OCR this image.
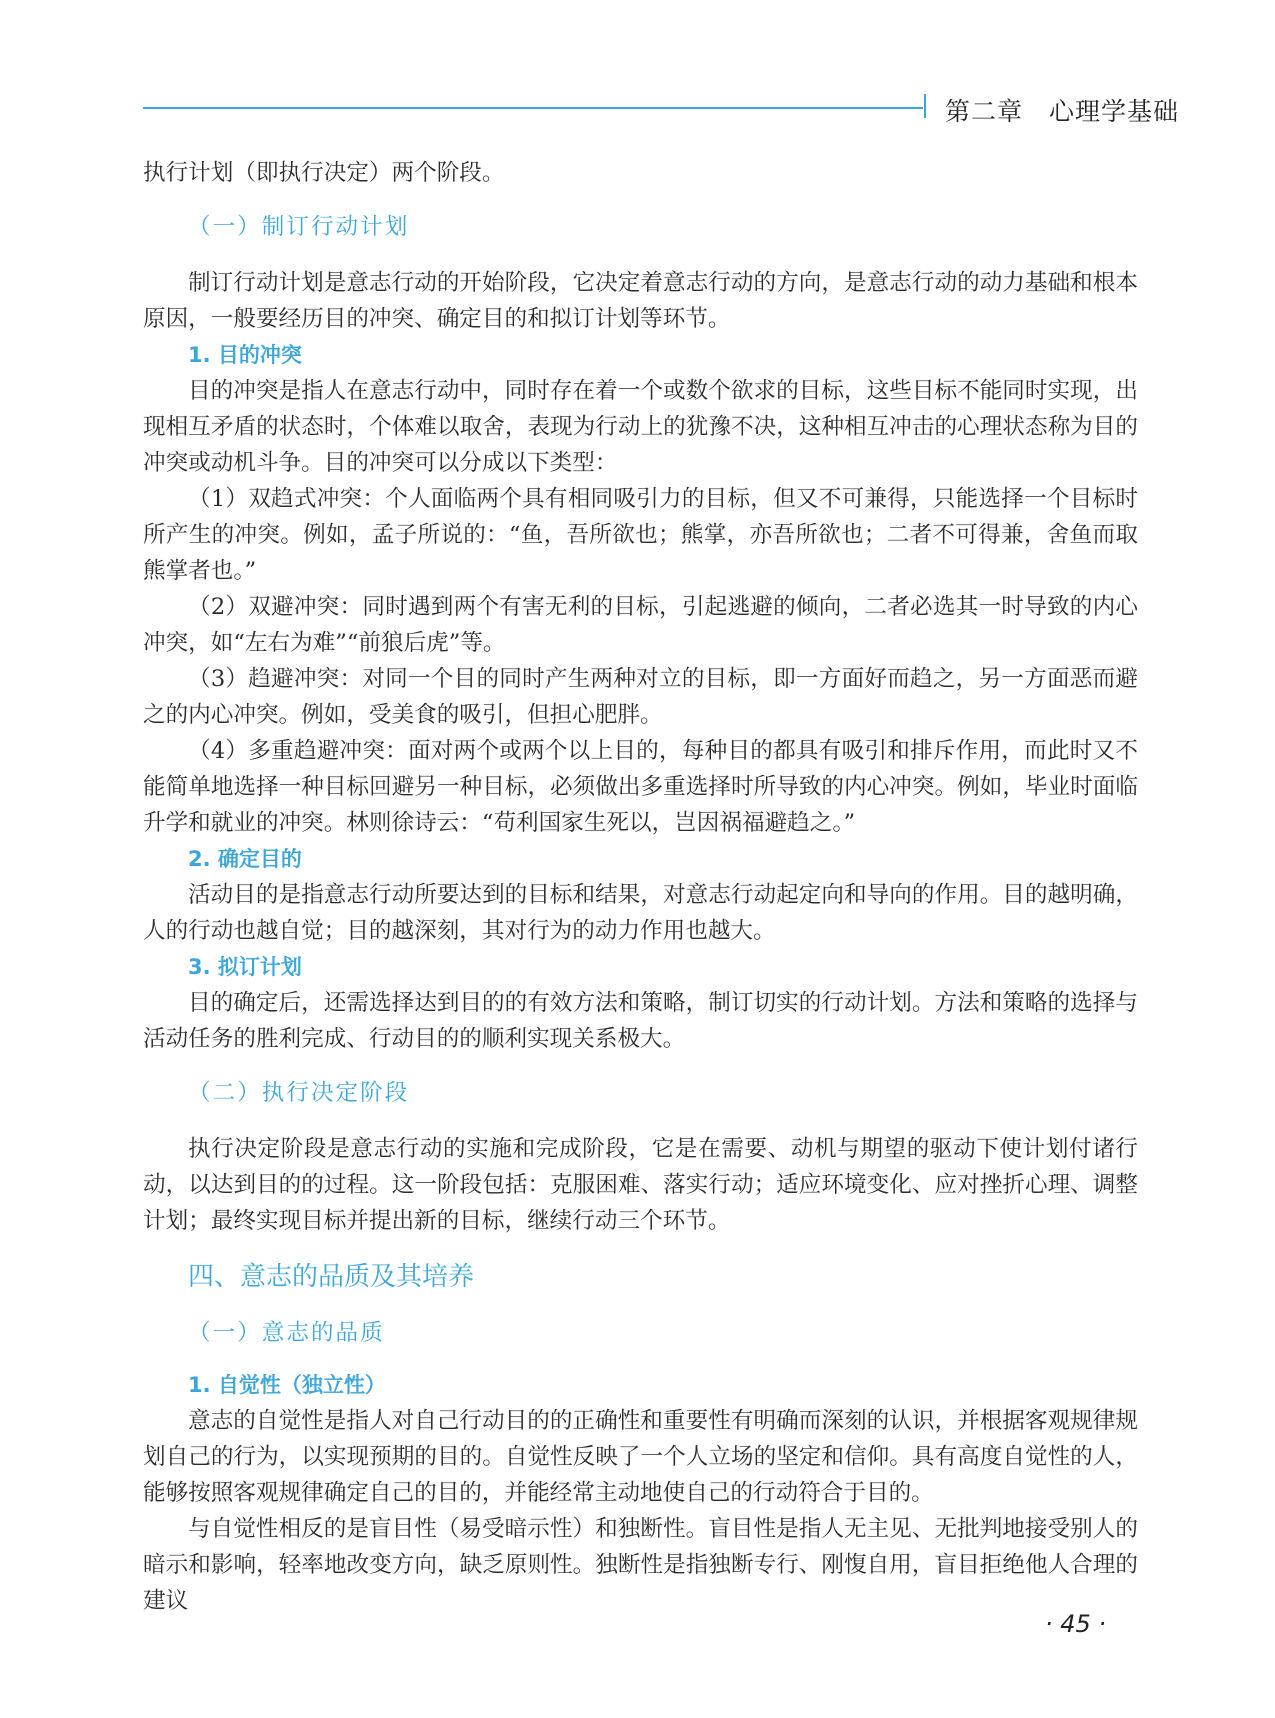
第二章　心理学基础

执行计划（即执行决定）两个阶段。

（一）制订行动计划

制订行动计划是意志行动的开始阶段，它决定着意志行动的方向，是意志行动的动力基础和根本原因，一般要经历目的冲突、确定目的和拟订计划等环节。

1. 目的冲突

目的冲突是指人在意志行动中，同时存在着一个或数个欲求的目标，这些目标不能同时实现，出现相互矛盾的状态时，个体难以取舍，表现为行动上的犹豫不决，这种相互冲击的心理状态称为目的冲突或动机斗争。目的冲突可以分成以下类型：

（1）双趋式冲突：个人面临两个具有相同吸引力的目标，但又不可兼得，只能选择一个目标时所产生的冲突。例如，孟子所说的：“鱼，吾所欲也；熊掌，亦吾所欲也；二者不可得兼，舍鱼而取熊掌者也。”

（2）双避冲突：同时遇到两个有害无利的目标，引起逃避的倾向，二者必选其一时导致的内心冲突，如“左右为难”“前狼后虎”等。

（3）趋避冲突：对同一个目的同时产生两种对立的目标，即一方面好而趋之，另一方面恶而避之的内心冲突。例如，受美食的吸引，但担心肥胖。

（4）多重趋避冲突：面对两个或两个以上目的，每种目的都具有吸引和排斥作用，而此时又不能简单地选择一种目标回避另一种目标，必须做出多重选择时所导致的内心冲突。例如，毕业时面临升学和就业的冲突。林则徐诗云：“苟利国家生死以，岂因祸福避趋之。”

2. 确定目的

活动目的是指意志行动所要达到的目标和结果，对意志行动起定向和导向的作用。目的越明确，人的行动也越自觉；目的越深刻，其对行为的动力作用也越大。

3. 拟订计划

目的确定后，还需选择达到目的的有效方法和策略，制订切实的行动计划。方法和策略的选择与活动任务的胜利完成、行动目的的顺利实现关系极大。

（二）执行决定阶段

执行决定阶段是意志行动的实施和完成阶段，它是在需要、动机与期望的驱动下使计划付诸行动，以达到目的的过程。这一阶段包括：克服困难、落实行动；适应环境变化、应对挫折心理、调整计划；最终实现目标并提出新的目标，继续行动三个环节。

四、意志的品质及其培养

（一）意志的品质

1. 自觉性（独立性）

意志的自觉性是指人对自己行动目的的正确性和重要性有明确而深刻的认识，并根据客观规律规划自己的行为，以实现预期的目的。自觉性反映了一个人立场的坚定和信仰。具有高度自觉性的人，能够按照客观规律确定自己的目的，并能经常主动地使自己的行动符合于目的。

与自觉性相反的是盲目性（易受暗示性）和独断性。盲目性是指人无主见、无批判地接受别人的暗示和影响，轻率地改变方向，缺乏原则性。独断性是指独断专行、刚愎自用，盲目拒绝他人合理的建议

· 45 ·
